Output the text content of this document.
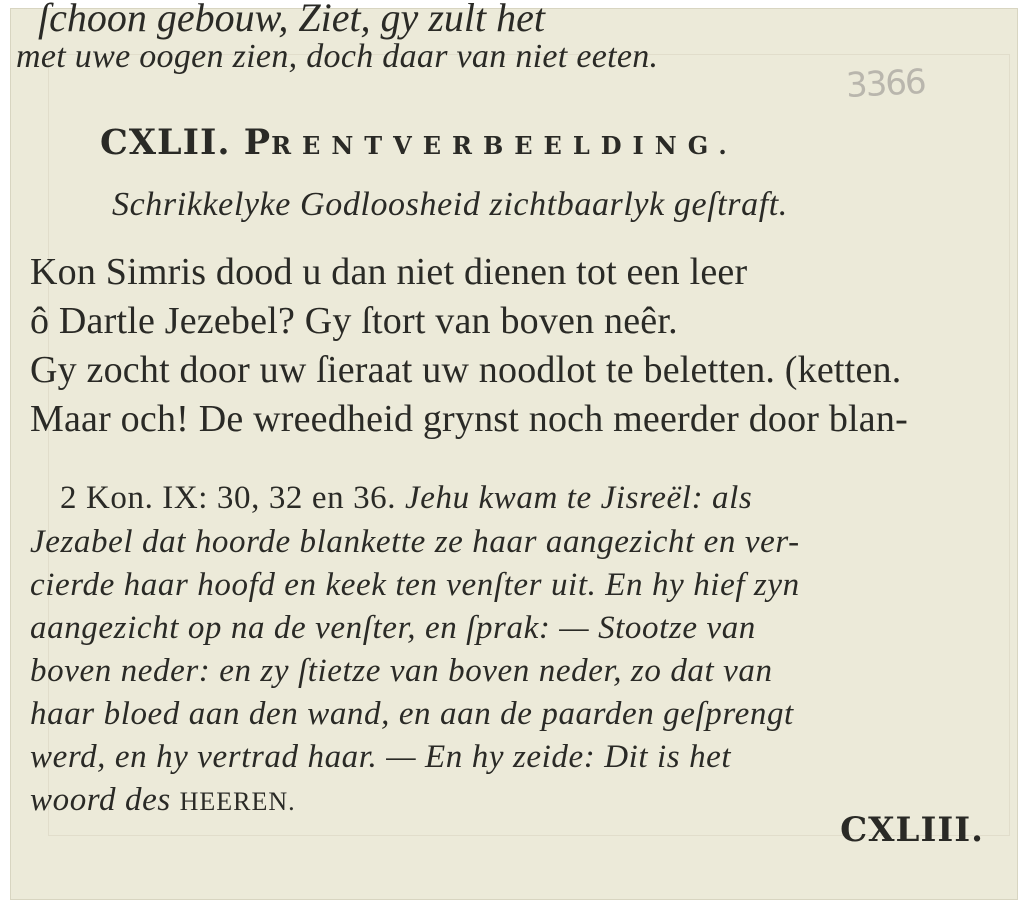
ſchoon gebouw, Ziet, gy zult het
met uwe oogen zien, doch daar van niet eeten.
3366
CXLII. PRENTVERBEELDING.
Schrikkelyke Godloosheid zichtbaarlyk geſtraft.
Kon Simris dood u dan niet dienen tot een leer
ô Dartle Jezebel? Gy ſtort van boven neêr.
Gy zocht door uw ſieraat uw noodlot te beletten. (ketten.
Maar och! De wreedheid grynst noch meerder door blan-
2 Kon. IX: 30, 32 en 36. Jehu kwam te Jisreël: als
Jezabel dat hoorde blankette ze haar aangezicht en ver-
cierde haar hoofd en keek ten venſter uit. En hy hief zyn
aangezicht op na de venſter, en ſprak: — Stootze van
boven neder: en zy ſtietze van boven neder, zo dat van
haar bloed aan den wand, en aan de paarden geſprengt
werd, en hy vertrad haar. — En hy zeide: Dit is het
woord des HEEREN.
CXLIII.
